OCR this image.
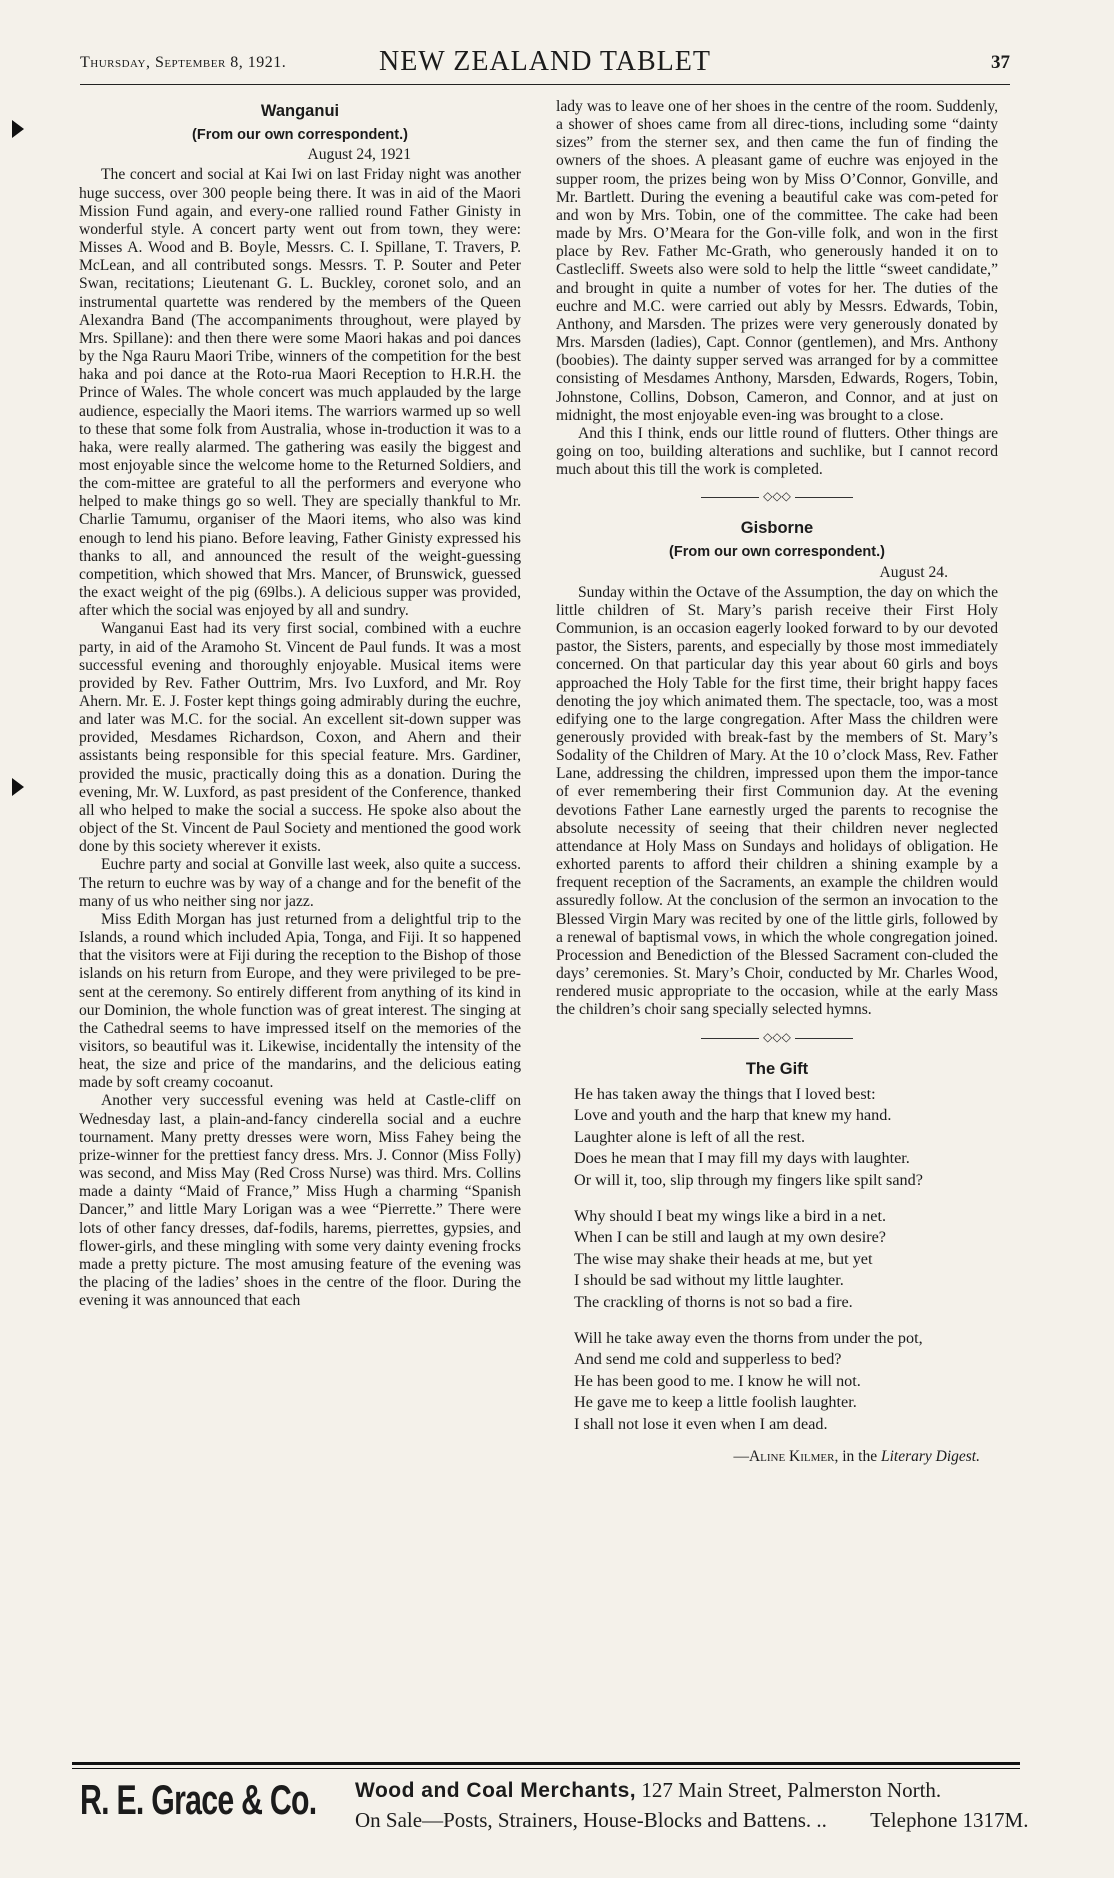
Thursday, September 8, 1921.	NEW ZEALAND TABLET	37
Wanganui
(From our own correspondent.)
August 24, 1921

The concert and social at Kai Iwi on last Friday night was another huge success, over 300 people being there. It was in aid of the Maori Mission Fund again, and every-one rallied round Father Ginisty in wonderful style. A concert party went out from town, they were: Misses A. Wood and B. Boyle, Messrs. C. I. Spillane, T. Travers, P. McLean, and all contributed songs. Messrs. T. P. Souter and Peter Swan, recitations; Lieutenant G. L. Buckley, coronet solo, and an instrumental quartette was rendered by the members of the Queen Alexandra Band (The accompaniments throughout, were played by Mrs. Spillane): and then there were some Maori hakas and poi dances by the Nga Rauru Maori Tribe, winners of the competition for the best haka and poi dance at the Roto-rua Maori Reception to H.R.H. the Prince of Wales. The whole concert was much applauded by the large audience, especially the Maori items. The warriors warmed up so well to these that some folk from Australia, whose in-troduction it was to a haka, were really alarmed. The gathering was easily the biggest and most enjoyable since the welcome home to the Returned Soldiers, and the com-mittee are grateful to all the performers and everyone who helped to make things go so well. They are specially thankful to Mr. Charlie Tamumu, organiser of the Maori items, who also was kind enough to lend his piano. Before leaving, Father Ginisty expressed his thanks to all, and announced the result of the weight-guessing competition, which showed that Mrs. Mancer, of Brunswick, guessed the exact weight of the pig (69lbs.). A delicious supper was provided, after which the social was enjoyed by all and sundry.

Wanganui East had its very first social, combined with a euchre party, in aid of the Aramoho St. Vincent de Paul funds. It was a most successful evening and thoroughly enjoyable. Musical items were provided by Rev. Father Outtrim, Mrs. Ivo Luxford, and Mr. Roy Ahern. Mr. E. J. Foster kept things going admirably during the euchre, and later was M.C. for the social. An excellent sit-down supper was provided, Mesdames Richardson, Coxon, and Ahern and their assistants being responsible for this special feature. Mrs. Gardiner, provided the music, practically doing this as a donation. During the evening, Mr. W. Luxford, as past president of the Conference, thanked all who helped to make the social a success. He spoke also about the object of the St. Vincent de Paul Society and mentioned the good work done by this society wherever it exists.

Euchre party and social at Gonville last week, also quite a success. The return to euchre was by way of a change and for the benefit of the many of us who neither sing nor jazz.

Miss Edith Morgan has just returned from a delightful trip to the Islands, a round which included Apia, Tonga, and Fiji. It so happened that the visitors were at Fiji during the reception to the Bishop of those islands on his return from Europe, and they were privileged to be pre-sent at the ceremony. So entirely different from anything of its kind in our Dominion, the whole function was of great interest. The singing at the Cathedral seems to have impressed itself on the memories of the visitors, so beautiful was it. Likewise, incidentally the intensity of the heat, the size and price of the mandarins, and the delicious eating made by soft creamy cocoanut.

Another very successful evening was held at Castle-cliff on Wednesday last, a plain-and-fancy cinderella social and a euchre tournament. Many pretty dresses were worn, Miss Fahey being the prize-winner for the prettiest fancy dress. Mrs. J. Connor (Miss Folly) was second, and Miss May (Red Cross Nurse) was third. Mrs. Collins made a dainty “Maid of France,” Miss Hugh a charming “Spanish Dancer,” and little Mary Lorigan was a wee “Pierrette.” There were lots of other fancy dresses, daf-fodils, harems, pierrettes, gypsies, and flower-girls, and these mingling with some very dainty evening frocks made a pretty picture. The most amusing feature of the evening was the placing of the ladies’ shoes in the centre of the floor. During the evening it was announced that each

lady was to leave one of her shoes in the centre of the room. Suddenly, a shower of shoes came from all direc-tions, including some “dainty sizes” from the sterner sex, and then came the fun of finding the owners of the shoes. A pleasant game of euchre was enjoyed in the supper room, the prizes being won by Miss O’Connor, Gonville, and Mr. Bartlett. During the evening a beautiful cake was com-peted for and won by Mrs. Tobin, one of the committee. The cake had been made by Mrs. O’Meara for the Gon-ville folk, and won in the first place by Rev. Father Mc-Grath, who generously handed it on to Castlecliff. Sweets also were sold to help the little “sweet candidate,” and brought in quite a number of votes for her. The duties of the euchre and M.C. were carried out ably by Messrs. Edwards, Tobin, Anthony, and Marsden. The prizes were very generously donated by Mrs. Marsden (ladies), Capt. Connor (gentlemen), and Mrs. Anthony (boobies). The dainty supper served was arranged for by a committee consisting of Mesdames Anthony, Marsden, Edwards, Rogers, Tobin, Johnstone, Collins, Dobson, Cameron, and Connor, and at just on midnight, the most enjoyable even-ing was brought to a close.

And this I think, ends our little round of flutters. Other things are going on too, building alterations and suchlike, but I cannot record much about this till the work is completed.

◇◇◇
Gisborne
(From our own correspondent.)
August 24.

Sunday within the Octave of the Assumption, the day on which the little children of St. Mary’s parish receive their First Holy Communion, is an occasion eagerly looked forward to by our devoted pastor, the Sisters, parents, and especially by those most immediately concerned. On that particular day this year about 60 girls and boys approached the Holy Table for the first time, their bright happy faces denoting the joy which animated them. The spectacle, too, was a most edifying one to the large congregation. After Mass the children were generously provided with break-fast by the members of St. Mary’s Sodality of the Children of Mary. At the 10 o’clock Mass, Rev. Father Lane, addressing the children, impressed upon them the impor-tance of ever remembering their first Communion day. At the evening devotions Father Lane earnestly urged the parents to recognise the absolute necessity of seeing that their children never neglected attendance at Holy Mass on Sundays and holidays of obligation. He exhorted parents to afford their children a shining example by a frequent reception of the Sacraments, an example the children would assuredly follow. At the conclusion of the sermon an invocation to the Blessed Virgin Mary was recited by one of the little girls, followed by a renewal of baptismal vows, in which the whole congregation joined. Procession and Benediction of the Blessed Sacrament con-cluded the days’ ceremonies. St. Mary’s Choir, conducted by Mr. Charles Wood, rendered music appropriate to the occasion, while at the early Mass the children’s choir sang specially selected hymns.

◇◇◇
The Gift
He has taken away the things that I loved best:
Love and youth and the harp that knew my hand.
Laughter alone is left of all the rest.
Does he mean that I may fill my days with laughter.
Or will it, too, slip through my fingers like spilt sand?
Why should I beat my wings like a bird in a net.
When I can be still and laugh at my own desire?
The wise may shake their heads at me, but yet
I should be sad without my little laughter.
The crackling of thorns is not so bad a fire.
Will he take away even the thorns from under the pot,
And send me cold and supperless to bed?
He has been good to me. I know he will not.
He gave me to keep a little foolish laughter.
I shall not lose it even when I am dead.
—Aline Kilmer, in the Literary Digest.
R. E. Grace & Co. Wood and Coal Merchants, 127 Main Street, Palmerston North.
On Sale—Posts, Strainers, House-Blocks and Battens. .. Telephone 1317M.
